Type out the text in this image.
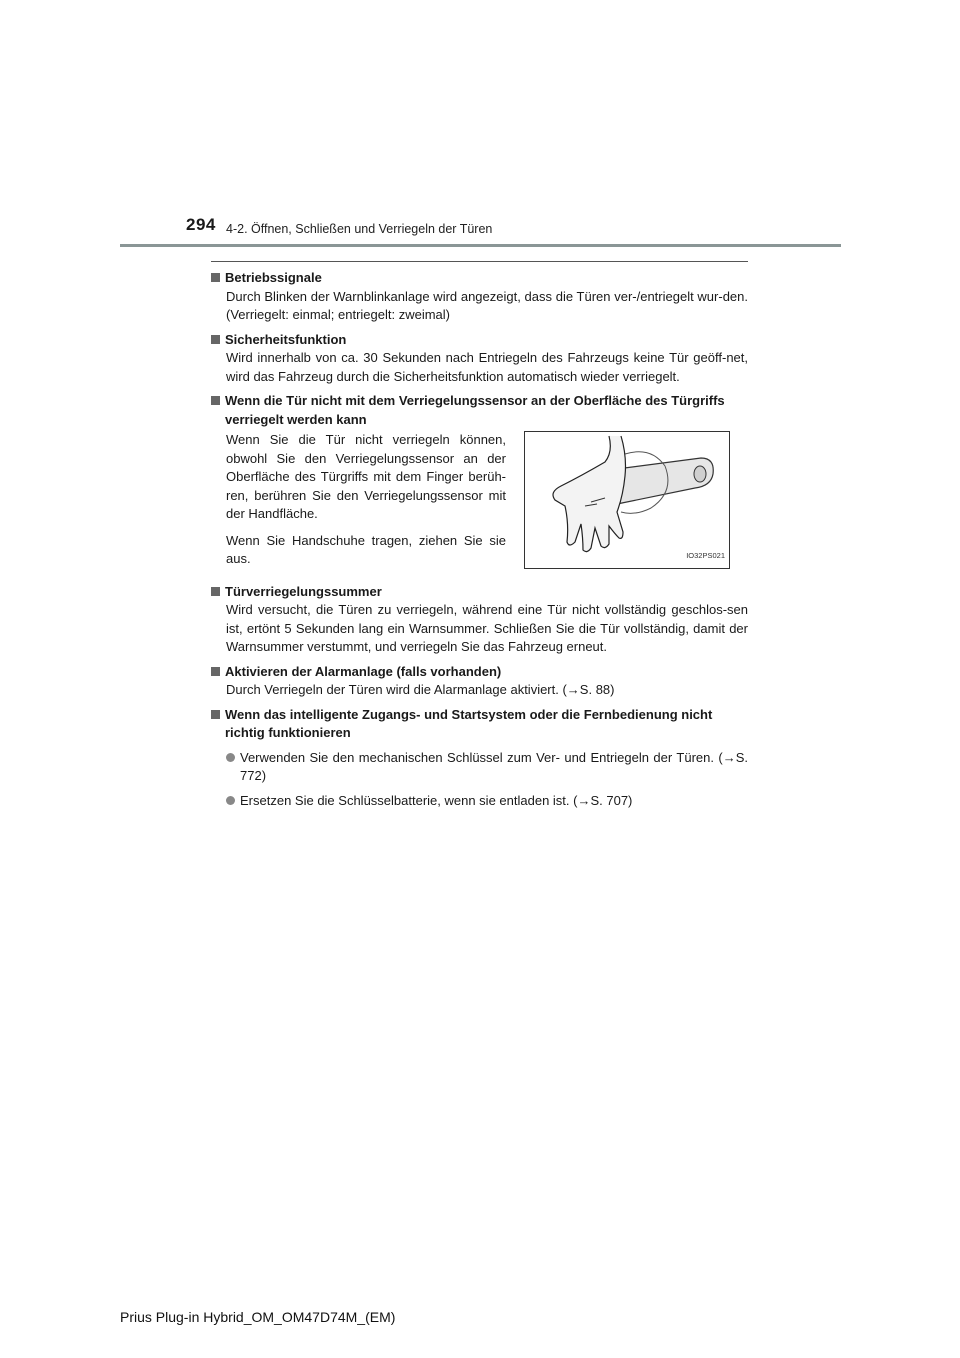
294 4-2. Öffnen, Schließen und Verriegeln der Türen
Betriebssignale
Durch Blinken der Warnblinkanlage wird angezeigt, dass die Türen ver-/entriegelt wur-den. (Verriegelt: einmal; entriegelt: zweimal)
Sicherheitsfunktion
Wird innerhalb von ca. 30 Sekunden nach Entriegeln des Fahrzeugs keine Tür geöff-net, wird das Fahrzeug durch die Sicherheitsfunktion automatisch wieder verriegelt.
Wenn die Tür nicht mit dem Verriegelungssensor an der Oberfläche des Türgriffs verriegelt werden kann

Wenn Sie die Tür nicht verriegeln können, obwohl Sie den Verriegelungssensor an der Oberfläche des Türgriffs mit dem Finger berüh-ren, berühren Sie den Verriegelungssensor mit der Handfläche.

Wenn Sie Handschuhe tragen, ziehen Sie sie aus.	IO32PS021
Türverriegelungssummer
Wird versucht, die Türen zu verriegeln, während eine Tür nicht vollständig geschlos-sen ist, ertönt 5 Sekunden lang ein Warnsummer. Schließen Sie die Tür vollständig, damit der Warnsummer verstummt, und verriegeln Sie das Fahrzeug erneut.
Aktivieren der Alarmanlage (falls vorhanden)
Durch Verriegeln der Türen wird die Alarmanlage aktiviert. (→S. 88)
Wenn das intelligente Zugangs- und Startsystem oder die Fernbedienung nicht richtig funktionieren
Verwenden Sie den mechanischen Schlüssel zum Ver- und Entriegeln der Türen. (→S. 772)
Ersetzen Sie die Schlüsselbatterie, wenn sie entladen ist. (→S. 707)
Prius Plug-in Hybrid_OM_OM47D74M_(EM)
